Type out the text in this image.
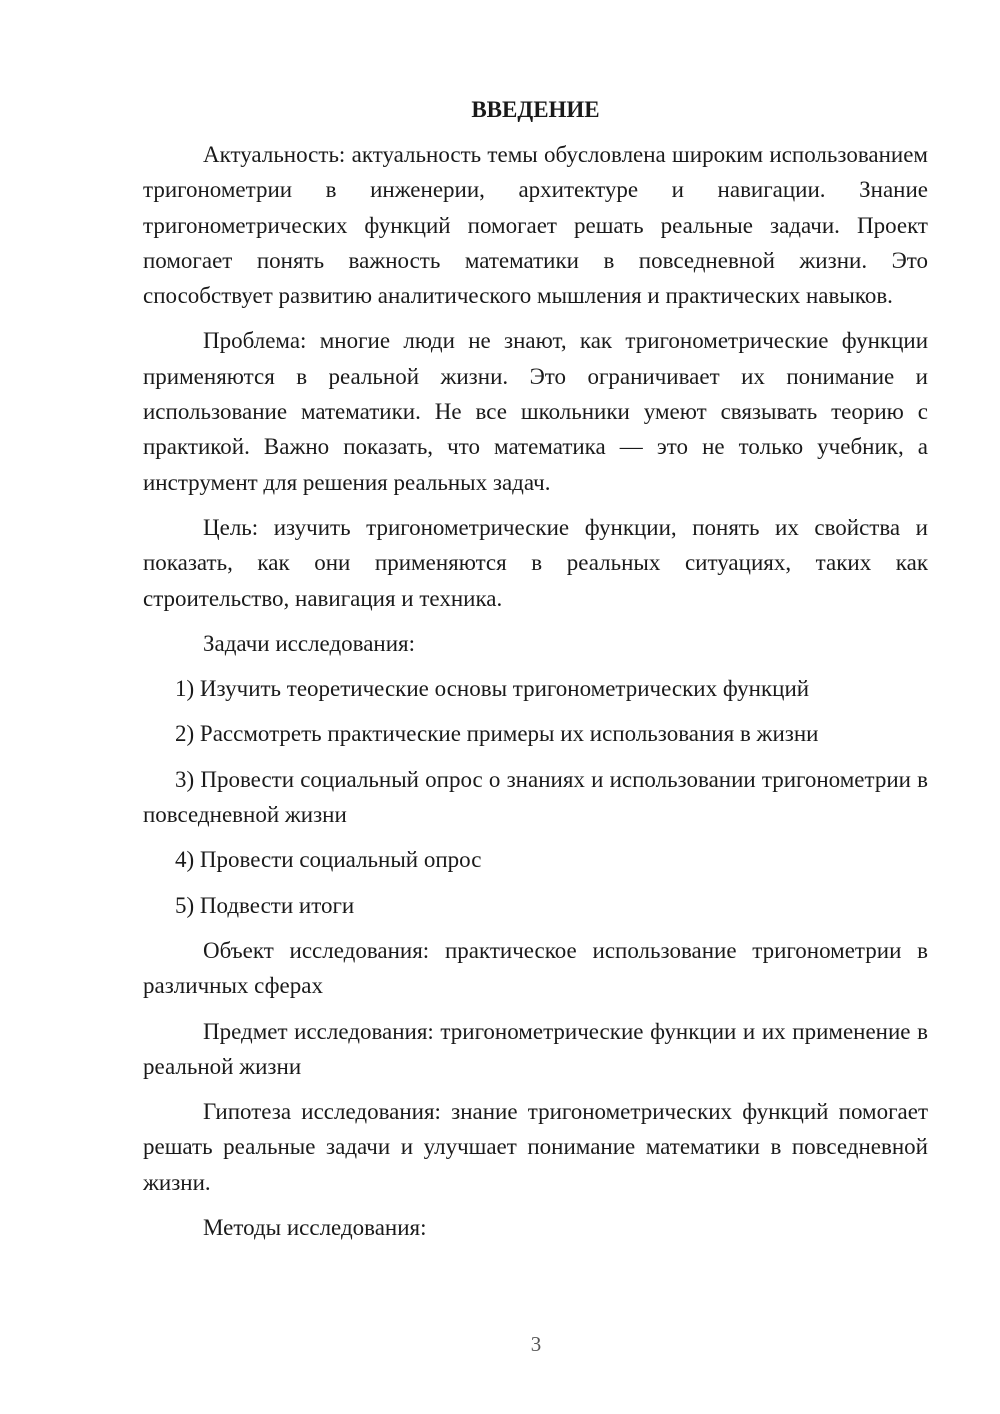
ВВЕДЕНИЕ

Актуальность: актуальность темы обусловлена широким использованием тригонометрии в инженерии, архитектуре и навигации. Знание тригонометрических функций помогает решать реальные задачи. Проект помогает понять важность математики в повседневной жизни. Это способствует развитию аналитического мышления и практических навыков.

Проблема: многие люди не знают, как тригонометрические функции применяются в реальной жизни. Это ограничивает их понимание и использование математики. Не все школьники умеют связывать теорию с практикой. Важно показать, что математика — это не только учебник, а инструмент для решения реальных задач.

Цель: изучить тригонометрические функции, понять их свойства и показать, как они применяются в реальных ситуациях, таких как строительство, навигация и техника.

Задачи исследования:

1) Изучить теоретические основы тригонометрических функций

2) Рассмотреть практические примеры их использования в жизни

3) Провести социальный опрос о знаниях и использовании тригонометрии в повседневной жизни

4) Провести социальный опрос

5) Подвести итоги

Объект исследования: практическое использование тригонометрии в различных сферах

Предмет исследования: тригонометрические функции и их применение в реальной жизни

Гипотеза исследования: знание тригонометрических функций помогает решать реальные задачи и улучшает понимание математики в повседневной жизни.

Методы исследования:

3
